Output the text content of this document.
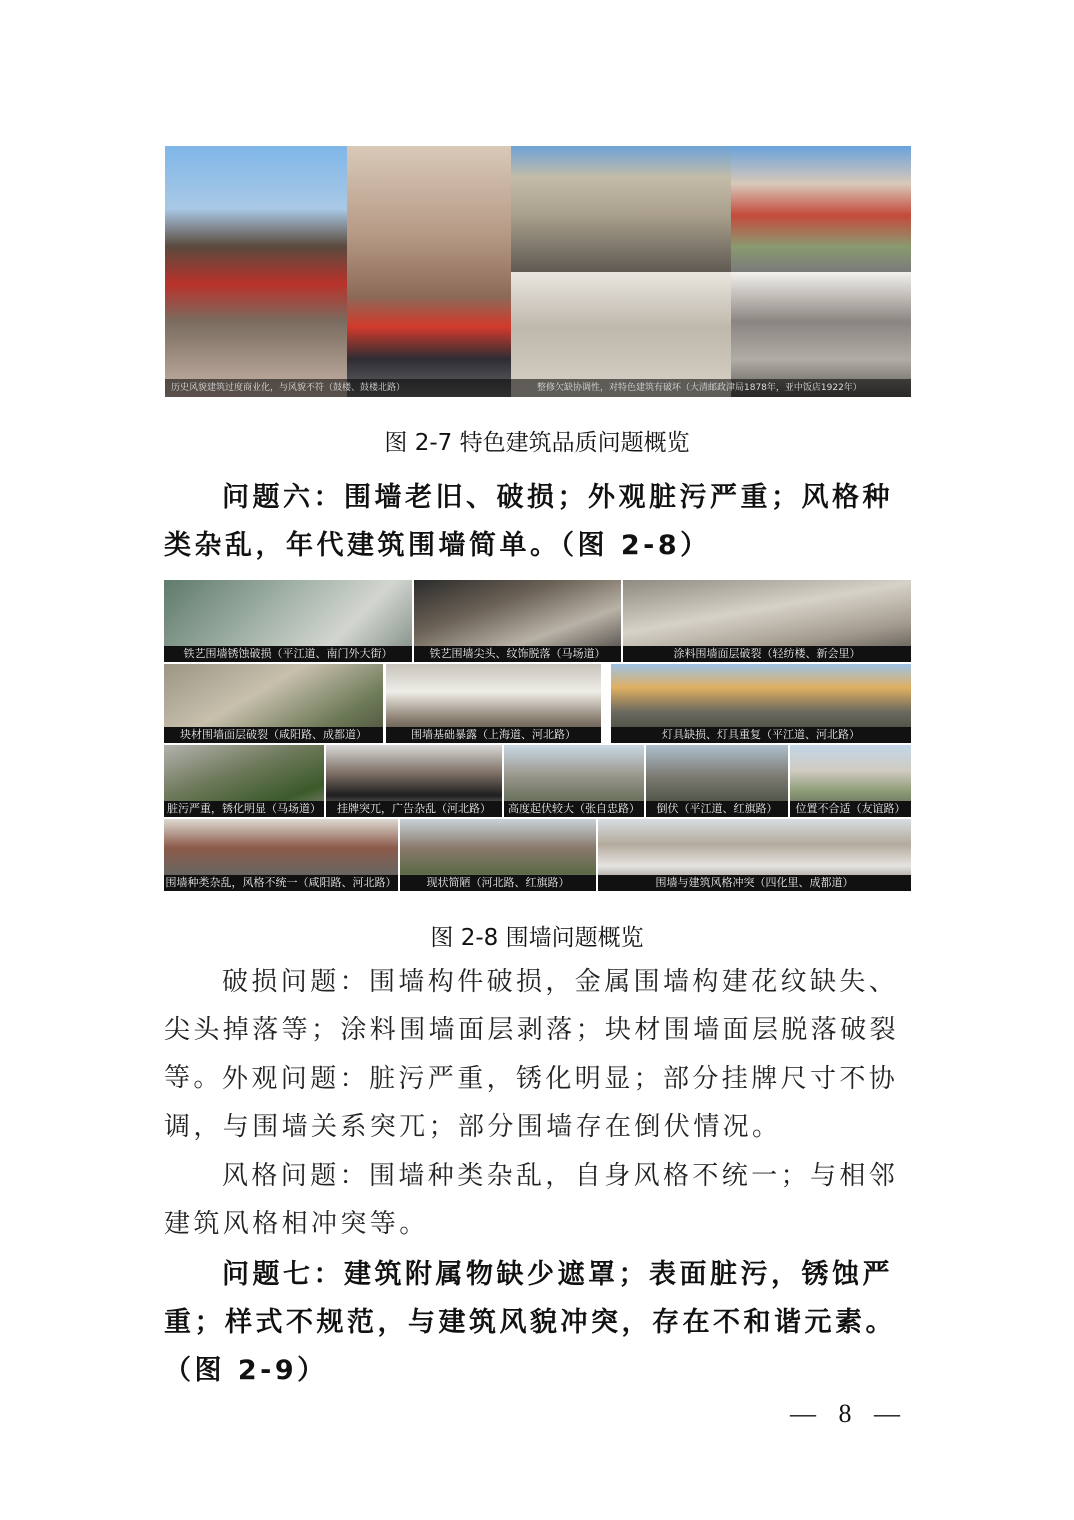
历史风貌建筑过度商业化，与风貌不符（鼓楼、鼓楼北路）	整修欠缺协调性，对特色建筑有破坏（大清邮政津局1878年，亚中饭店1922年）
图 2-7 特色建筑品质问题概览
问题六：围墙老旧、破损；外观脏污严重；风格种类杂乱，年代建筑围墙简单。（图 2-8）
铁艺围墙锈蚀破损（平江道、南门外大街）	铁艺围墙尖头、纹饰脱落（马场道）	涂料围墙面层破裂（轻纺楼、新会里）
块材围墙面层破裂（咸阳路、成都道）	围墙基础暴露（上海道、河北路）	灯具缺损、灯具重复（平江道、河北路）
脏污严重，锈化明显（马场道）	挂牌突兀，广告杂乱（河北路）	高度起伏较大（张自忠路）	倒伏（平江道、红旗路）	位置不合适（友谊路）
围墙种类杂乱，风格不统一（咸阳路、河北路）	现状简陋（河北路、红旗路）	围墙与建筑风格冲突（四化里、成都道）
图 2-8 围墙问题概览
破损问题：围墙构件破损，金属围墙构建花纹缺失、尖头掉落等；涂料围墙面层剥落；块材围墙面层脱落破裂等。 外观问题：脏污严重，锈化明显；部分挂牌尺寸不协调，与围墙关系突兀；部分围墙存在倒伏情况。
风格问题：围墙种类杂乱，自身风格不统一；与相邻建筑风格相冲突等。
问题七：建筑附属物缺少遮罩；表面脏污，锈蚀严重；样式不规范，与建筑风貌冲突，存在不和谐元素。（图 2-9）
— 8 —
